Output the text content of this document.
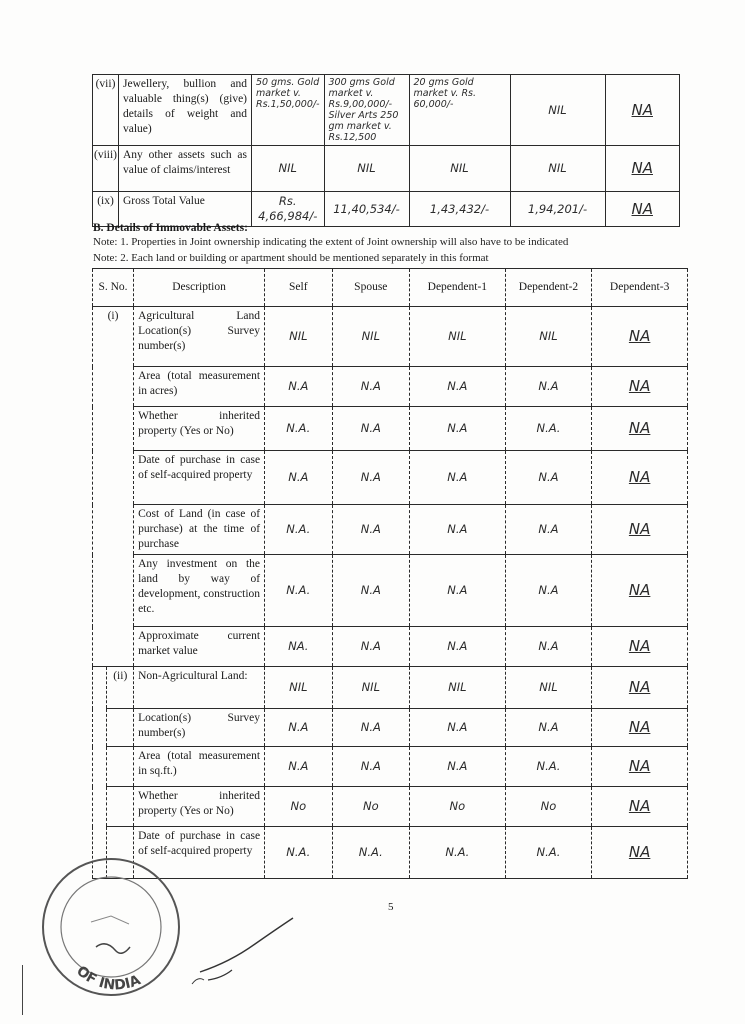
(vii)	Jewellery, bullion and valuable thing(s) (give) details of weight and value)	50 gms. Gold market v. Rs.1,50,000/-	300 gms Gold market v. Rs.9,00,000/- Silver Arts 250 gm market v. Rs.12,500	20 gms Gold market v. Rs. 60,000/-	NIL	NA
(viii)	Any other assets such as value of claims/interest	NIL	NIL	NIL	NIL	NA
(ix)	Gross Total Value	Rs. 4,66,984/-	11,40,534/-	1,43,432/-	1,94,201/-	NA
B. Details of Immovable Assets:
Note: 1. Properties in Joint ownership indicating the extent of Joint ownership will also have to be indicated
Note: 2. Each land or building or apartment should be mentioned separately in this format
S. No.		Description	Self	Spouse	Dependent-1	Dependent-2	Dependent-3
(i)		Agricultural Land Location(s) Survey number(s)	NIL	NIL	NIL	NIL	NA
		Area (total measurement in acres)	N.A	N.A	N.A	N.A	NA
		Whether inherited property (Yes or No)	N.A.	N.A	N.A	N.A.	NA
		Date of purchase in case of self-acquired property	N.A	N.A	N.A	N.A	NA
		Cost of Land (in case of purchase) at the time of purchase	N.A.	N.A	N.A	N.A	NA
		Any investment on the land by way of development, construction etc.	N.A.	N.A	N.A	N.A	NA
		Approximate current market value	NA.	N.A	N.A	N.A	NA
	(ii)	Non-Agricultural Land:	NIL	NIL	NIL	NIL	NA
		Location(s) Survey number(s)	N.A	N.A	N.A	N.A	NA
		Area (total measurement in sq.ft.)	N.A	N.A	N.A	N.A.	NA
		Whether inherited property (Yes or No)	No	No	No	No	NA
		Date of purchase in case of self-acquired property	N.A.	N.A.	N.A.	N.A.	NA
5
OF INDIA
